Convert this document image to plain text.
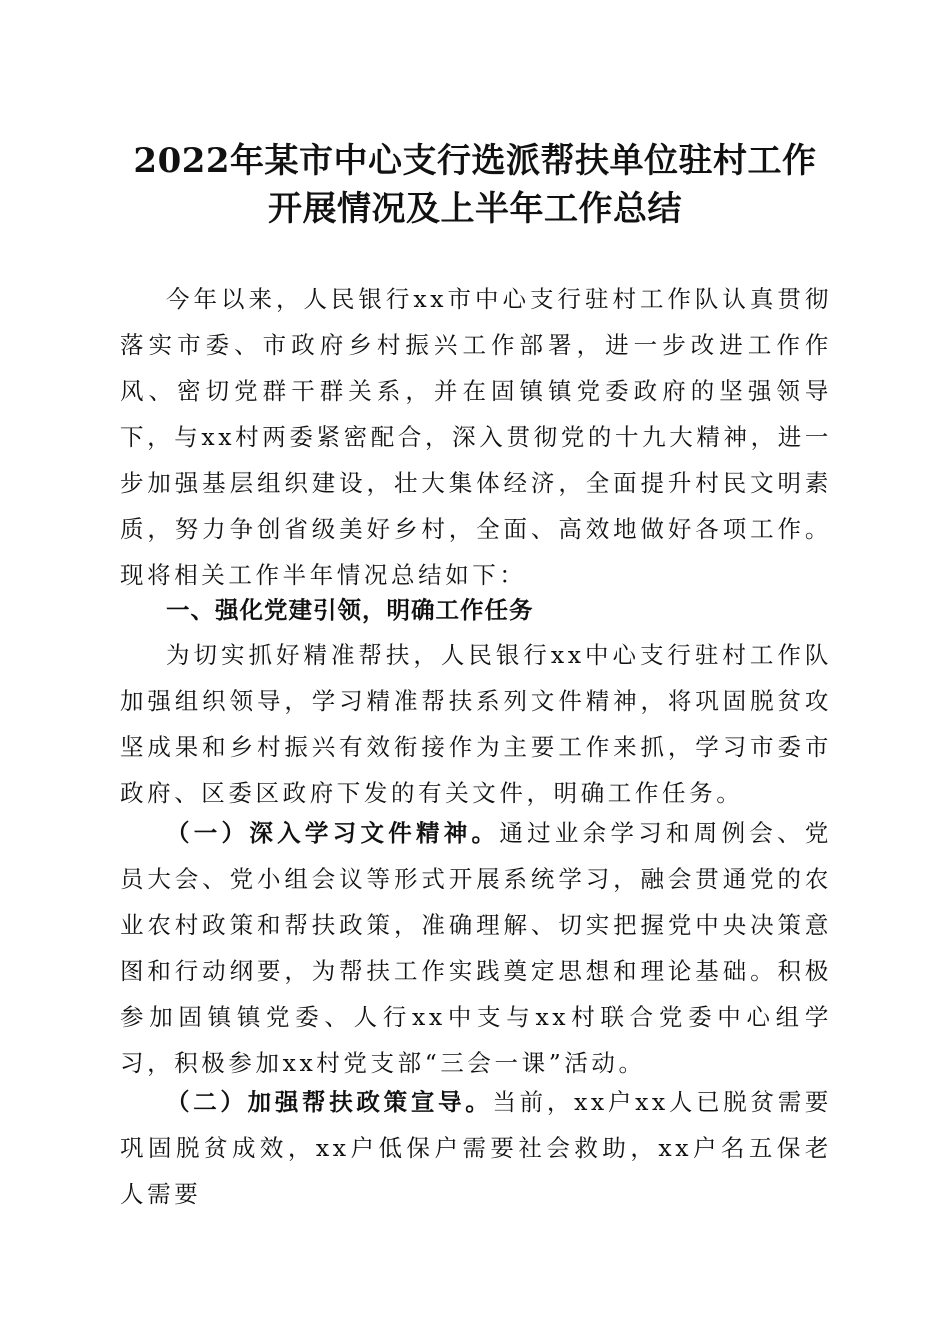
2022年某市中心支行选派帮扶单位驻村工作
开展情况及上半年工作总结

今年以来，人民银行xx市中心支行驻村工作队认真贯彻落实市委、市政府乡村振兴工作部署，进一步改进工作作风、密切党群干群关系，并在固镇镇党委政府的坚强领导下，与xx村两委紧密配合，深入贯彻党的十九大精神，进一步加强基层组织建设，壮大集体经济，全面提升村民文明素质，努力争创省级美好乡村，全面、高效地做好各项工作。现将相关工作半年情况总结如下：

一、强化党建引领，明确工作任务

为切实抓好精准帮扶，人民银行xx中心支行驻村工作队加强组织领导，学习精准帮扶系列文件精神，将巩固脱贫攻坚成果和乡村振兴有效衔接作为主要工作来抓，学习市委市政府、区委区政府下发的有关文件，明确工作任务。

（一）深入学习文件精神。通过业余学习和周例会、党员大会、党小组会议等形式开展系统学习，融会贯通党的农业农村政策和帮扶政策，准确理解、切实把握党中央决策意图和行动纲要，为帮扶工作实践奠定思想和理论基础。积极参加固镇镇党委、人行xx中支与xx村联合党委中心组学习，积极参加xx村党支部“三会一课”活动。

（二）加强帮扶政策宣导。当前，xx户xx人已脱贫需要巩固脱贫成效，xx户低保户需要社会救助，xx户名五保老人需要
